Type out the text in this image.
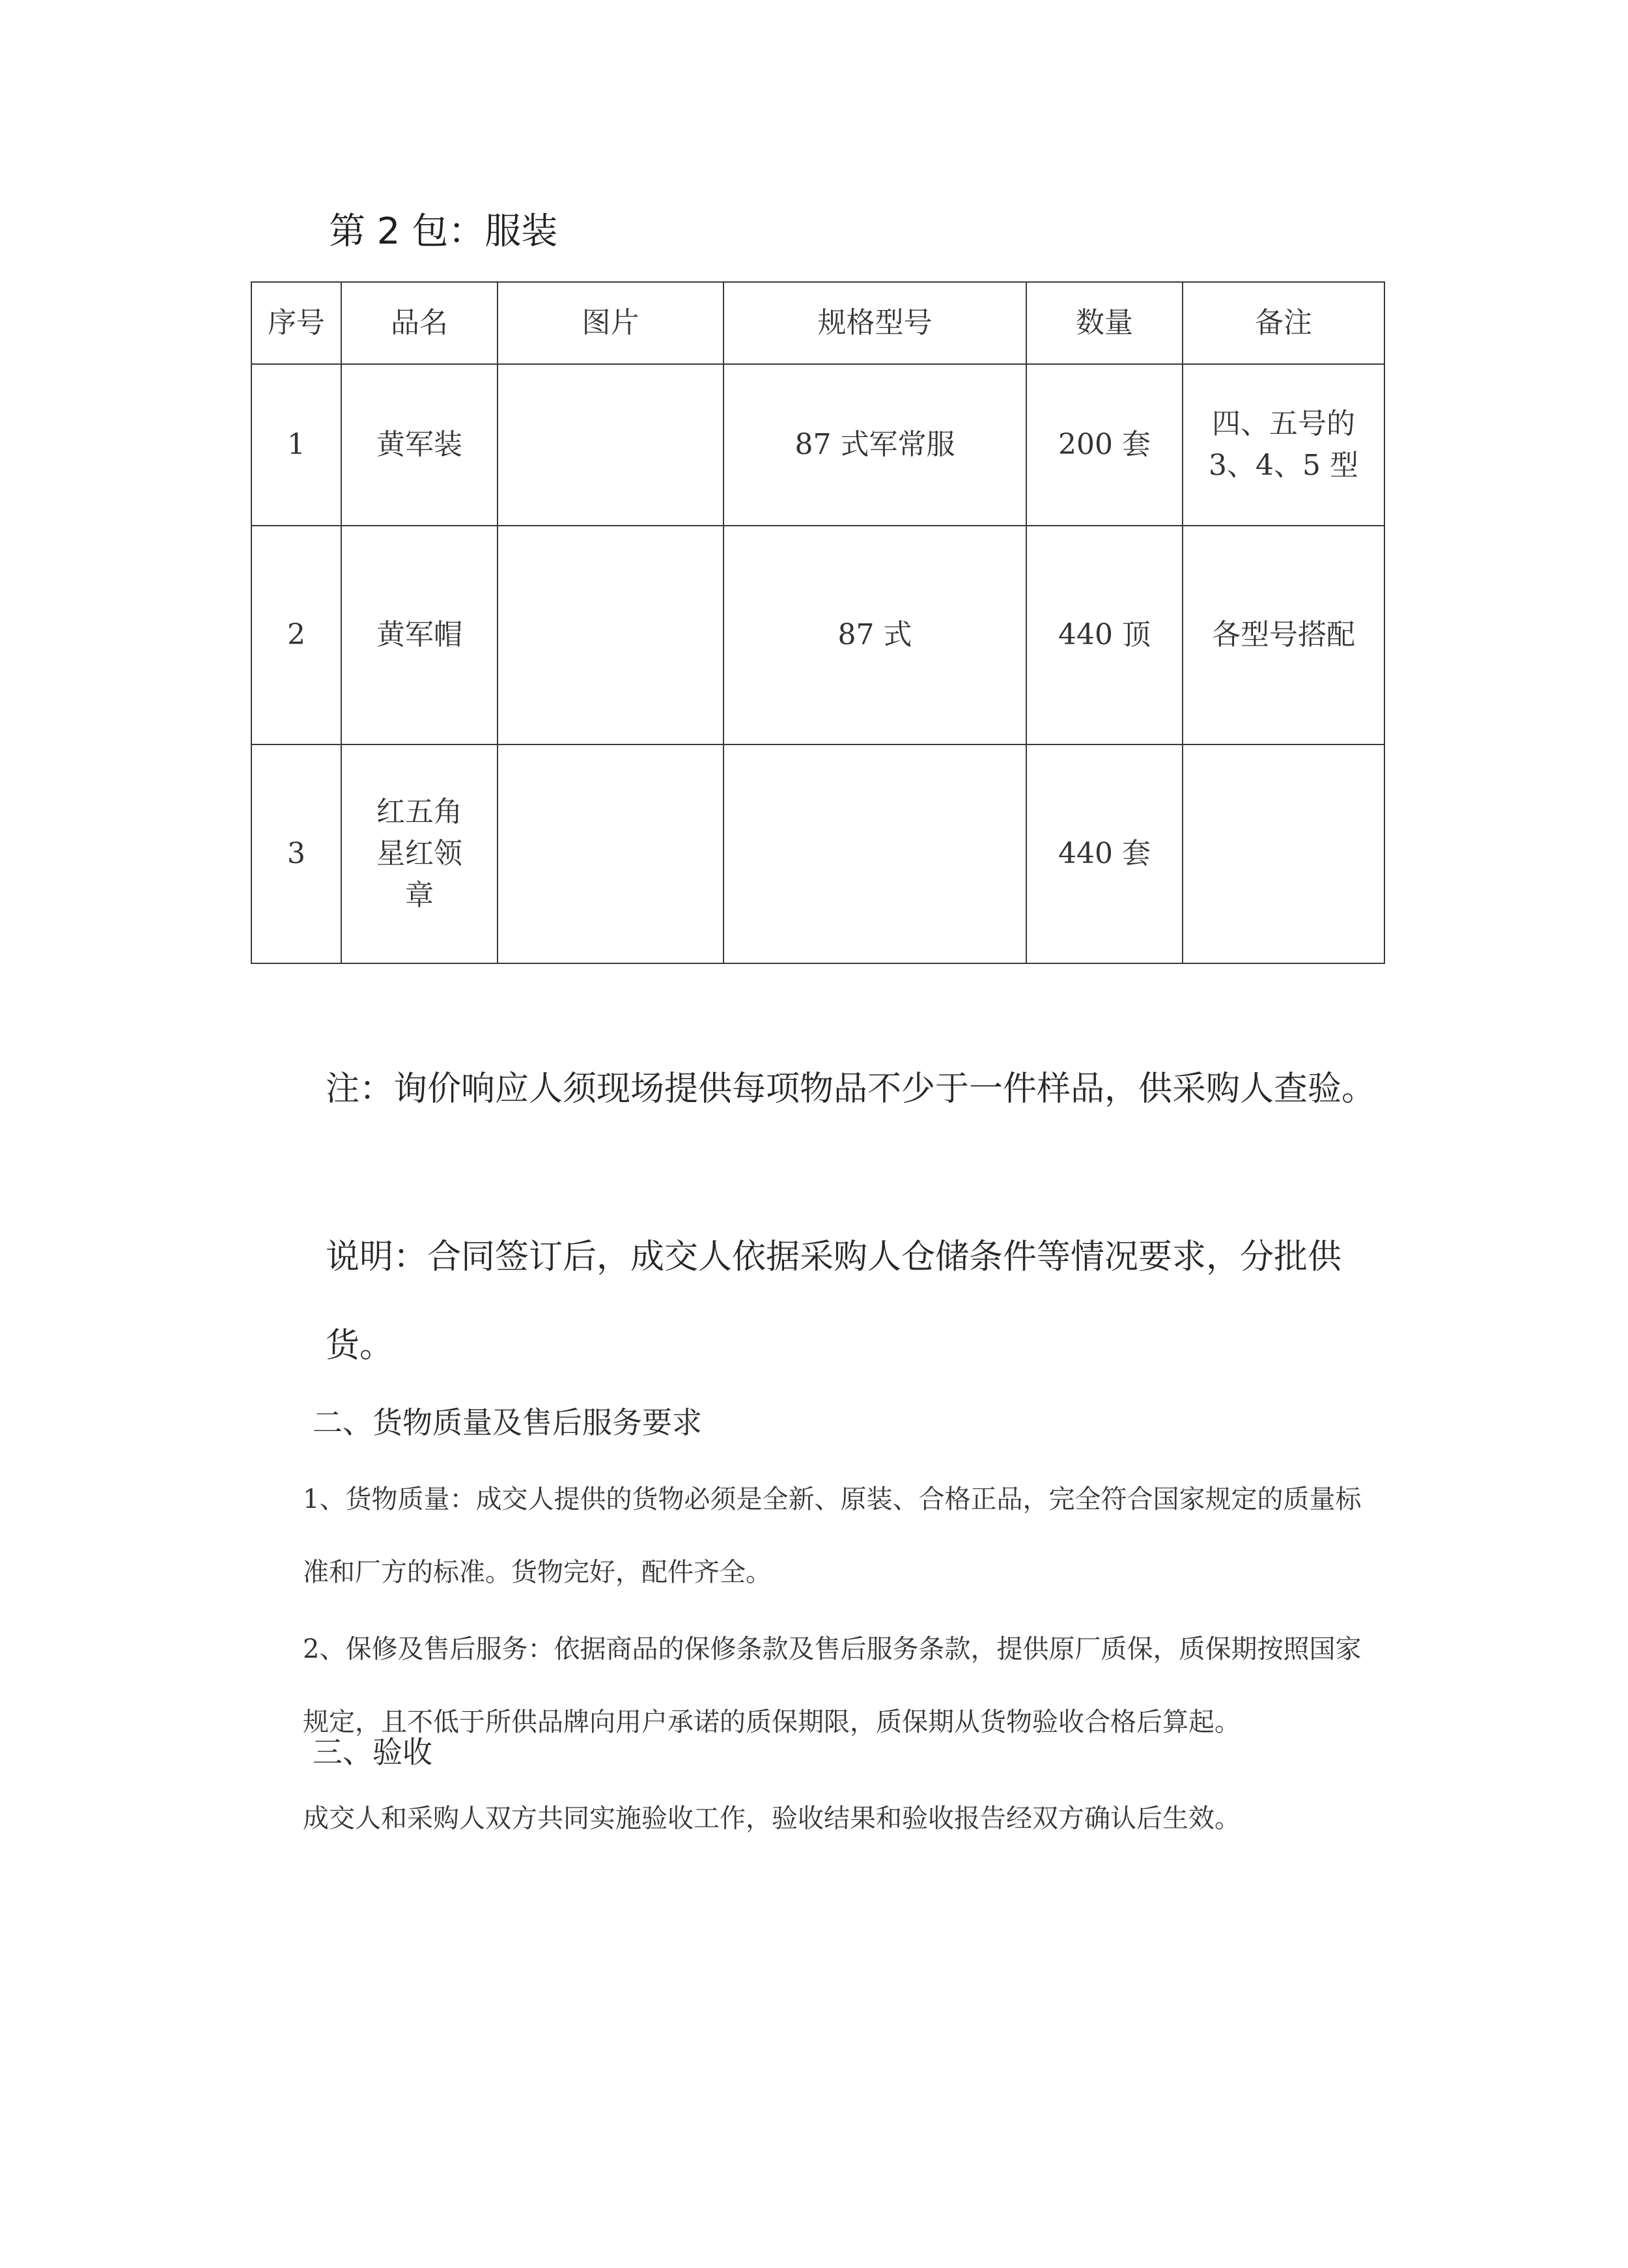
第 2 包：服装
序号	品名	图片	规格型号	数量	备注
1	黄军装		87 式军常服	200 套	四、五号的 3、4、5 型
2	黄军帽		87 式	440 顶	各型号搭配
3	红五角星红领章			440 套	
注：询价响应人须现场提供每项物品不少于一件样品，供采购人查验。
说明：合同签订后，成交人依据采购人仓储条件等情况要求，分批供货。
二、货物质量及售后服务要求
1、货物质量：成交人提供的货物必须是全新、原装、合格正品，完全符合国家规定的质量标准和厂方的标准。货物完好，配件齐全。
2、保修及售后服务：依据商品的保修条款及售后服务条款，提供原厂质保，质保期按照国家规定，且不低于所供品牌向用户承诺的质保期限，质保期从货物验收合格后算起。
三、验收
成交人和采购人双方共同实施验收工作，验收结果和验收报告经双方确认后生效。
